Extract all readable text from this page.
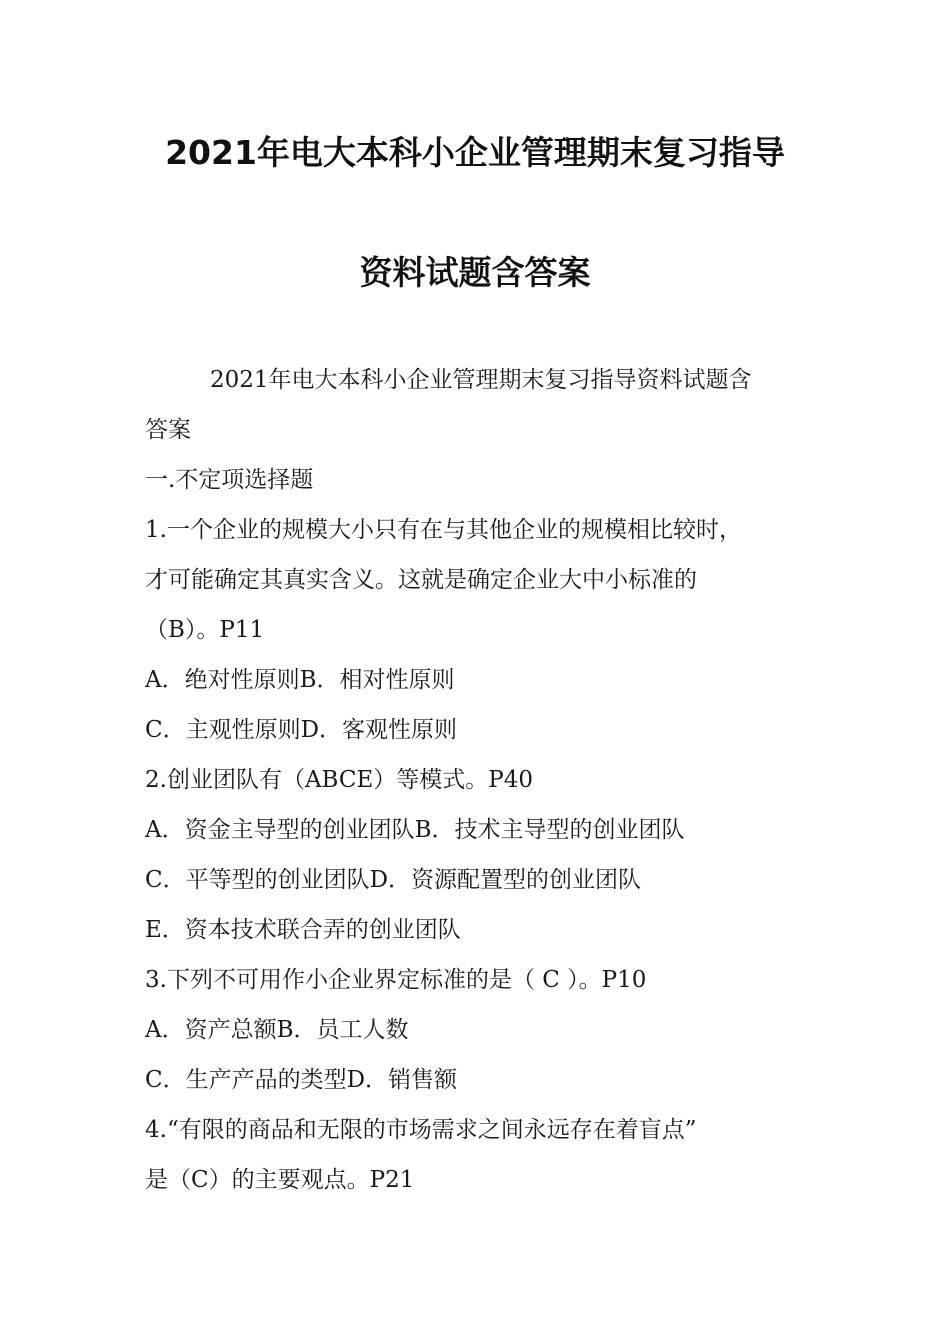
2021年电大本科小企业管理期末复习指导
资料试题含答案
2021年电大本科小企业管理期末复习指导资料试题含
答案
一.不定项选择题
1.一个企业的规模大小只有在与其他企业的规模相比较时，
才可能确定其真实含义。这就是确定企业大中小标准的
（B）。P11
A．绝对性原则B．相对性原则
C．主观性原则D．客观性原则
2.创业团队有（ABCE）等模式。P40
A．资金主导型的创业团队B．技术主导型的创业团队
C．平等型的创业团队D．资源配置型的创业团队
E．资本技术联合弄的创业团队
3.下列不可用作小企业界定标准的是（ C ）。P10
A．资产总额B．员工人数
C．生产产品的类型D．销售额
4.“有限的商品和无限的市场需求之间永远存在着盲点”
是（C）的主要观点。P21
